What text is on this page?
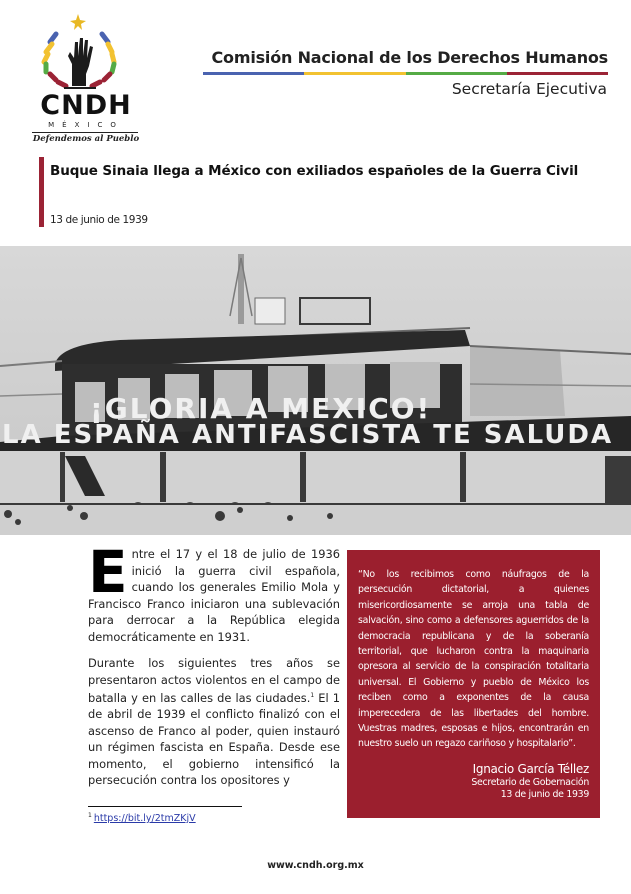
CNDH
MÉXICO
Defendemos al Pueblo
Comisión Nacional de los Derechos Humanos
Secretaría Ejecutiva
Buque Sinaia llega a México con exiliados españoles de la Guerra Civil
13 de junio de 1939
¡GLORIA A MEXICO!
LA ESPAÑA ANTIFASCISTA TE SALUDA

Entre el 17 y el 18 de julio de 1936 inició la guerra civil española, cuando los generales Emilio Mola y Francisco Franco iniciaron una sublevación para derrocar a la República elegida democráticamente en 1931.

Durante los siguientes tres años se presentaron actos violentos en el campo de batalla y en las calles de las ciudades.$^1$ El 1 de abril de 1939 el conflicto finalizó con el ascenso de Franco al poder, quien instauró un régimen fascista en España. Desde ese momento, el gobierno intensificó la persecución contra los opositores y

$^1$ https://bit.ly/2tmZKjV

“No los recibimos como náufragos de la persecución dictatorial, a quienes misericordiosamente se arroja una tabla de salvación, sino como a defensores aguerridos de la democracia republicana y de la soberanía territorial, que lucharon contra la maquinaria opresora al servicio de la conspiración totalitaria universal. El Gobierno y pueblo de México los reciben como a exponentes de la causa imperecedera de las libertades del hombre. Vuestras madres, esposas e hijos, encontrarán en nuestro suelo un regazo cariñoso y hospitalario”.

Ignacio García Téllez
Secretario de Gobernación
13 de junio de 1939
www.cndh.org.mx
